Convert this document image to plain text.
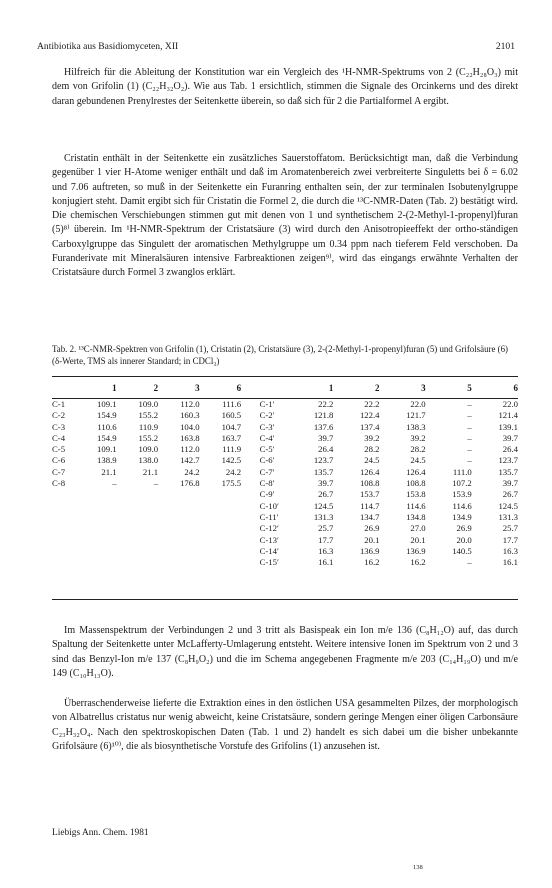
Antibiotika aus Basidiomyceten, XII	2101

Hilfreich für die Ableitung der Konstitution war ein Vergleich des ¹H-NMR-Spektrums von 2 (C₂₂H₂₈O₃) mit dem von Grifolin (1) (C₂₂H₃₂O₂). Wie aus Tab. 1 ersichtlich, stimmen die Signale des Orcinkerns und des direkt daran gebundenen Prenylrestes der Seitenkette überein, so daß sich für 2 die Partialformel A ergibt.

Cristatin enthält in der Seitenkette ein zusätzliches Sauerstoffatom. Berücksichtigt man, daß die Verbindung gegenüber 1 vier H-Atome weniger enthält und daß im Aromatenbereich zwei verbreiterte Singuletts bei δ = 6.02 und 7.06 auftreten, so muß in der Seitenkette ein Furanring enthalten sein, der zur terminalen Isobutenylgruppe konjugiert steht. Damit ergibt sich für Cristatin die Formel 2, die durch die ¹³C-NMR-Daten (Tab. 2) bestätigt wird. Die chemischen Verschiebungen stimmen gut mit denen von 1 und synthetischem 2-(2-Methyl-1-propenyl)furan (5)⁸⁾ überein. Im ¹H-NMR-Spektrum der Cristatsäure (3) wird durch den Anisotropieeffekt der ortho-ständigen Carboxylgruppe das Singulett der aromatischen Methylgruppe um 0.34 ppm nach tieferem Feld verschoben. Da Furanderivate mit Mineralsäuren intensive Farbreaktionen zeigen⁹⁾, wird das eingangs erwähnte Verhalten der Cristatsäure durch Formel 3 zwanglos erklärt.

Tab. 2. ¹³C-NMR-Spektren von Grifolin (1), Cristatin (2), Cristatsäure (3), 2-(2-Methyl-1-propenyl)furan (5) und Grifolsäure (6) (δ-Werte, TMS als innerer Standard; in CDCl₃)

	1	2	3	6			1	2	3	5	6
C-1	109.1	109.0	112.0	111.6		C-1′	22.2	22.2	22.0	–	22.0
C-2	154.9	155.2	160.3	160.5		C-2′	121.8	122.4	121.7	–	121.4
C-3	110.6	110.9	104.0	104.7		C-3′	137.6	137.4	138.3	–	139.1
C-4	154.9	155.2	163.8	163.7		C-4′	39.7	39.2	39.2	–	39.7
C-5	109.1	109.0	112.0	111.9		C-5′	26.4	28.2	28.2	–	26.4
C-6	138.9	138.0	142.7	142.5		C-6′	123.7	24.5	24.5	–	123.7
C-7	21.1	21.1	24.2	24.2		C-7′	135.7	126.4	126.4	111.0	135.7
C-8	–	–	176.8	175.5		C-8′	39.7	108.8	108.8	107.2	39.7
						C-9′	26.7	153.7	153.8	153.9	26.7
						C-10′	124.5	114.7	114.6	114.6	124.5
						C-11′	131.3	134.7	134.8	134.9	131.3
						C-12′	25.7	26.9	27.0	26.9	25.7
						C-13′	17.7	20.1	20.1	20.0	17.7
						C-14′	16.3	136.9	136.9	140.5	16.3
						C-15′	16.1	16.2	16.2	–	16.1

Im Massenspektrum der Verbindungen 2 und 3 tritt als Basispeak ein Ion m/e 136 (C₈H₁₂O) auf, das durch Spaltung der Seitenkette unter McLafferty-Umlagerung entsteht. Weitere intensive Ionen im Spektrum von 2 und 3 sind das Benzyl-Ion m/e 137 (C₈H₉O₂) und die im Schema angegebenen Fragmente m/e 203 (C₁₄H₁₉O) und m/e 149 (C₁₀H₁₃O).

Überraschenderweise lieferte die Extraktion eines in den östlichen USA gesammelten Pilzes, der morphologisch von Albatrellus cristatus nur wenig abweicht, keine Cristatsäure, sondern geringe Mengen einer öligen Carbonsäure C₂₃H₃₂O₄. Nach den spektroskopischen Daten (Tab. 1 und 2) handelt es sich dabei um die bisher unbekannte Grifolsäure (6)¹⁰⁾, die als biosynthetische Vorstufe des Grifolins (1) anzusehen ist.

Liebigs Ann. Chem. 1981
138
